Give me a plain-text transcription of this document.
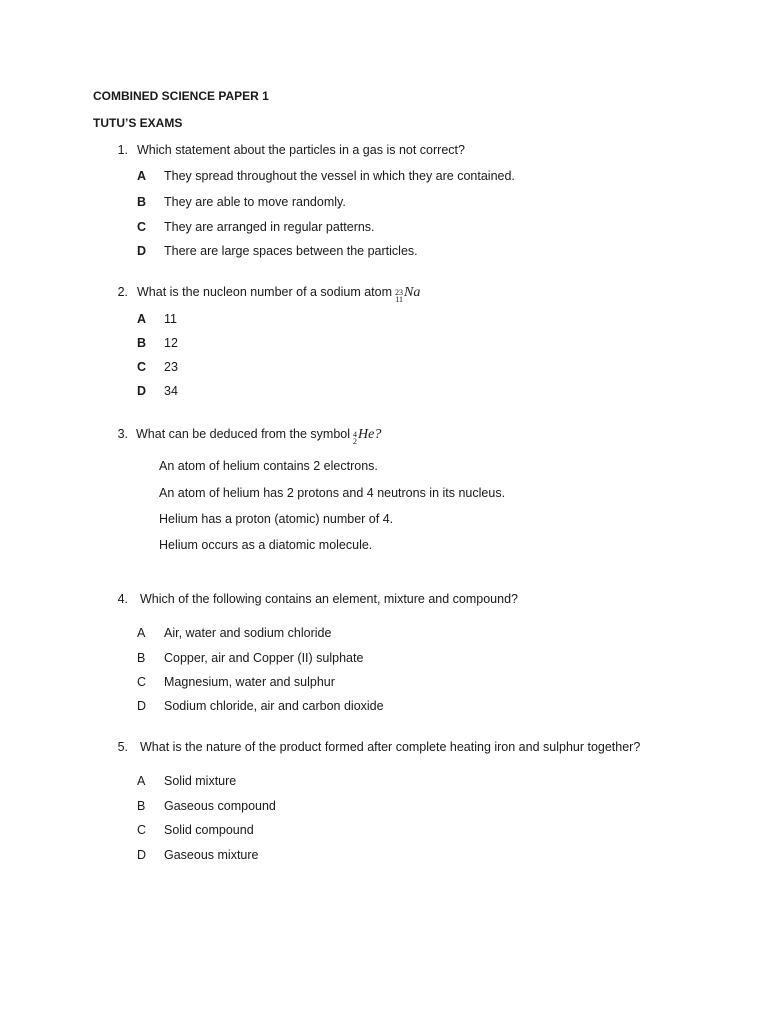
COMBINED SCIENCE PAPER 1
TUTU’S EXAMS
1. Which statement about the particles in a gas is not correct?
A They spread throughout the vessel in which they are contained.
B They are able to move randomly.
C They are arranged in regular patterns.
D There are large spaces between the particles.
2. What is the nucleon number of a sodium atom 23
11 Na
A 11
B 12
C 23
D 34
3. What can be deduced from the symbol 4
2 He ?
An atom of helium contains 2 electrons.
An atom of helium has 2 protons and 4 neutrons in its nucleus.
Helium has a proton (atomic) number of 4.
Helium occurs as a diatomic molecule.
4. Which of the following contains an element, mixture and compound?
A Air, water and sodium chloride
B Copper, air and Copper (II) sulphate
C Magnesium, water and sulphur
D Sodium chloride, air and carbon dioxide
5. What is the nature of the product formed after complete heating iron and sulphur together?
A Solid mixture
B Gaseous compound
C Solid compound
D Gaseous mixture
